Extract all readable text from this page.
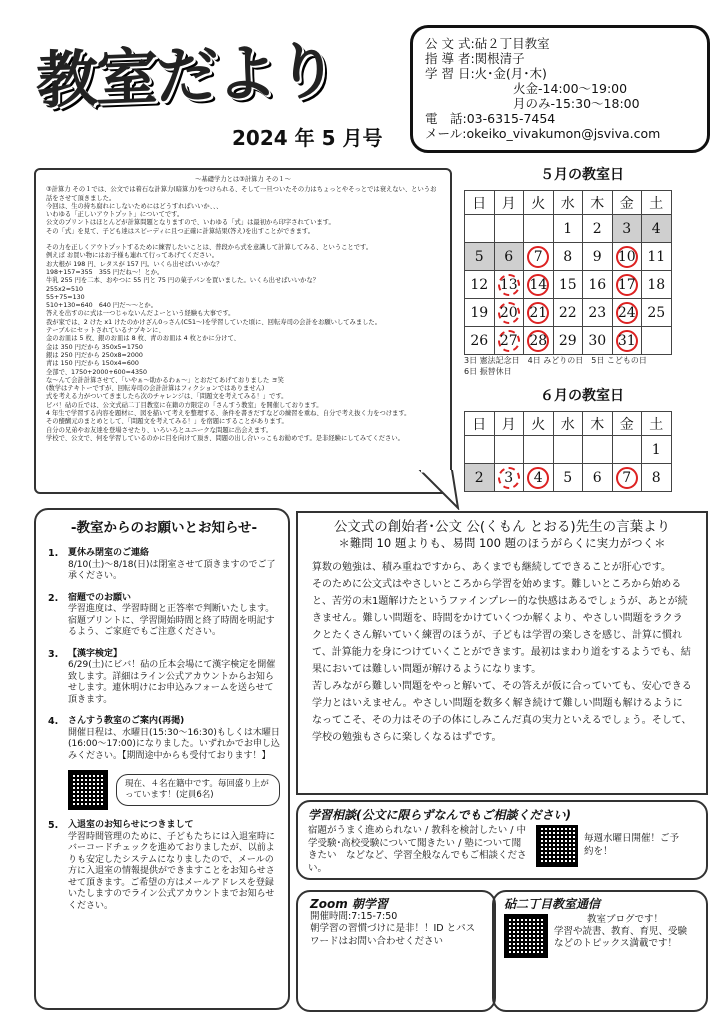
教室だより
2024 年 5 月号
公 文 式:砧２丁目教室
指 導 者:関根清子
学 習 日:火･金(月･木)
火金-14:00～19:00
月のみ-15:30～18:00
電　話:03-6315-7454
メール:okeiko_vivakumon@jsviva.com
～基礎学力とは③計算力 その１～
③計算力 その１では、公文では着石な計算力(暗算力)をつけられる、そして一旦ついたその力はちょっとやそっとでは衰えない、というお話をさせて頂きました。
今回は、生の持ち腐れにしないためにはどうすればいいか、、、
いわゆる「正しいアウトプット」についてです。
公文のプリントはほとんどが計算問題となりますので、いわゆる「式」は最初から印字されています。
その「式」を見て、子ども達はスピーディに且つ正確に計算結果(答え)を出すことができます。
その力を正しくアウトプットするために練習したいことは、普段から式を意識して計算してみる、ということです。
例えば お買い物にはお子様も連れて行ってあげてください。
お大根が 198 円、レタスが 157 円。いくら出せばいいかな？
198+157=355　355 円だね～！とか。
牛乳 255 円を二本、おやつに 55 円と 75 円の菓子パンを買いました。いくら出せばいいかな？
255x2=510
55+75=130
510+130=640　640 円だ～～とか。
答えを出すのに式は一つじゃないんだよーという経験も大事です。
我が家では、2 けた x1 けたのかけざん0っさん(C51～)を学習していた頃に、回転寿司の会計をお願いしてみました。
テーブルにセットされているナプキンに、
金のお皿は 5 枚、銀のお皿は 8 枚、青のお皿は 4 枚とかに分けて、
金は 350 円だから 350x5=1750
銀は 250 円だから 250x8=2000
青は 150 円だから 150x4=600
全部で、1750+2000+600=4350
な～んて会計計算させて、「いやぁ～助かるわぁ～」とおだてあげておりました ヨ笑
(数学はテキトーですが、回転寿司の会計計算はフィクションではありません)
式を考える力がついてきましたら次のチャレンジは、「問題文を考えてみる！」です。
ビバ！砧の丘では、公文式砧二丁目教室に在籍の方限定の「さんすう教室」を開催しております。
4 年生で学習する内容を題材に、図を描いて考えを整理する、条件を書きだすなどの練習を重ね、自分で考え抜く力をつけます。
その醍醐元のまとめとして、「問題文を考えてみる！」を宿題にすることがあります。
自分の兄弟やお友達を登場させたり、いろいろとユニークな問題に出会えます。
学校で、公文で、何を学習しているのかに目を向けて頂き、問題の出し合いっこもお勧めです。是非経験にしてみてください。
５月の教室日
日	月	火	水	木	金	土
			1	2	3	4
5	6	7	8	9	10	11
12	13	14	15	16	17	18
19	20	21	22	23	24	25
26	27	28	29	30	31	
3日 憲法記念日　4日 みどりの日　5日 こどもの日
6日 振替休日
６月の教室日
日	月	火	水	木	金	土
						1
2	3	4	5	6	7	8
-教室からのお願いとお知らせ-
1.	夏休み閉室のご連絡
8/10(土)～8/18(日)は閉室させて頂きますのでご了承ください。
2.	宿題でのお願い
学習進度は、学習時間と正答率で判断いたします。宿題プリントに、学習開始時間と終了時間を明記するよう、ご家庭でもご注意ください。
3.	【漢字検定】
6/29(土)にビバ！砧の丘本会場にて漢字検定を開催致します。詳細はライン公式アカウントからお知らせします。連休明けにお申込みフォームを送らせて頂きます。
4.	さんすう教室のご案内(再掲)
開催日程は、水曜日(15:30～16:30)もしくは木曜日(16:00～17:00)になりました。いずれかでお申し込みください。【期間途中からも受付ております！】
現在、４名在籍中です。毎回盛り上がっています！(定員6名)
5.	入退室のお知らせにつきまして
学習時間管理のために、子どもたちには入退室時にバーコードチェックを進めておりましたが、以前よりも安定したシステムになりましたので、メールの方に入退室の情報提供ができますことをお知らせさせて頂きます。ご希望の方はメールアドレスを登録いたしますのでライン公式アカウントまでお知らせください。
公文式の創始者･公文 公(くもん とおる)先生の言葉より
＊難問 10 題よりも、易問 100 題のほうがらくに実力がつく＊

算数の勉強は、積み重ねですから、あくまでも継続してできることが肝心です。

そのために公文式はやさしいところから学習を始めます。難しいところから始めると、苦労の末1題解けたというファインプレー的な快感はあるでしょうが、あとが続きません。難しい問題を、時間をかけていくつか解くより、やさしい問題をラクラクとたくさん解いていく練習のほうが、子どもは学習の楽しさを感じ、計算に慣れて、計算能力を身につけていくことができます。最初はまわり道をするようでも、結果においては難しい問題が解けるようになります。

苦しみながら難しい問題をやっと解いて、その答えが仮に合っていても、安心できる学力とはいえません。やさしい問題を数多く解き続けて難しい問題も解けるようになってこそ、その力はその子の体にしみこんだ真の実力といえるでしょう。そして、学校の勉強もさらに楽しくなるはずです。

学習相談(公文に限らずなんでもご相談ください)
宿題がうまく進められない / 教科を検討したい / 中学受験･高校受験について聞きたい / 塾について聞きたい　などなど、学習全般なんでもご相談ください。
毎週水曜日開催！ご予約を！
Zoom 朝学習
開催時間:7:15-7:50
朝学習の習慣づけに是非！！ID とパスワードはお問い合わせください
砧二丁目教室通信
教室ブログです！
学習や読書、教育、育児、受験などのトピックス満載です！
